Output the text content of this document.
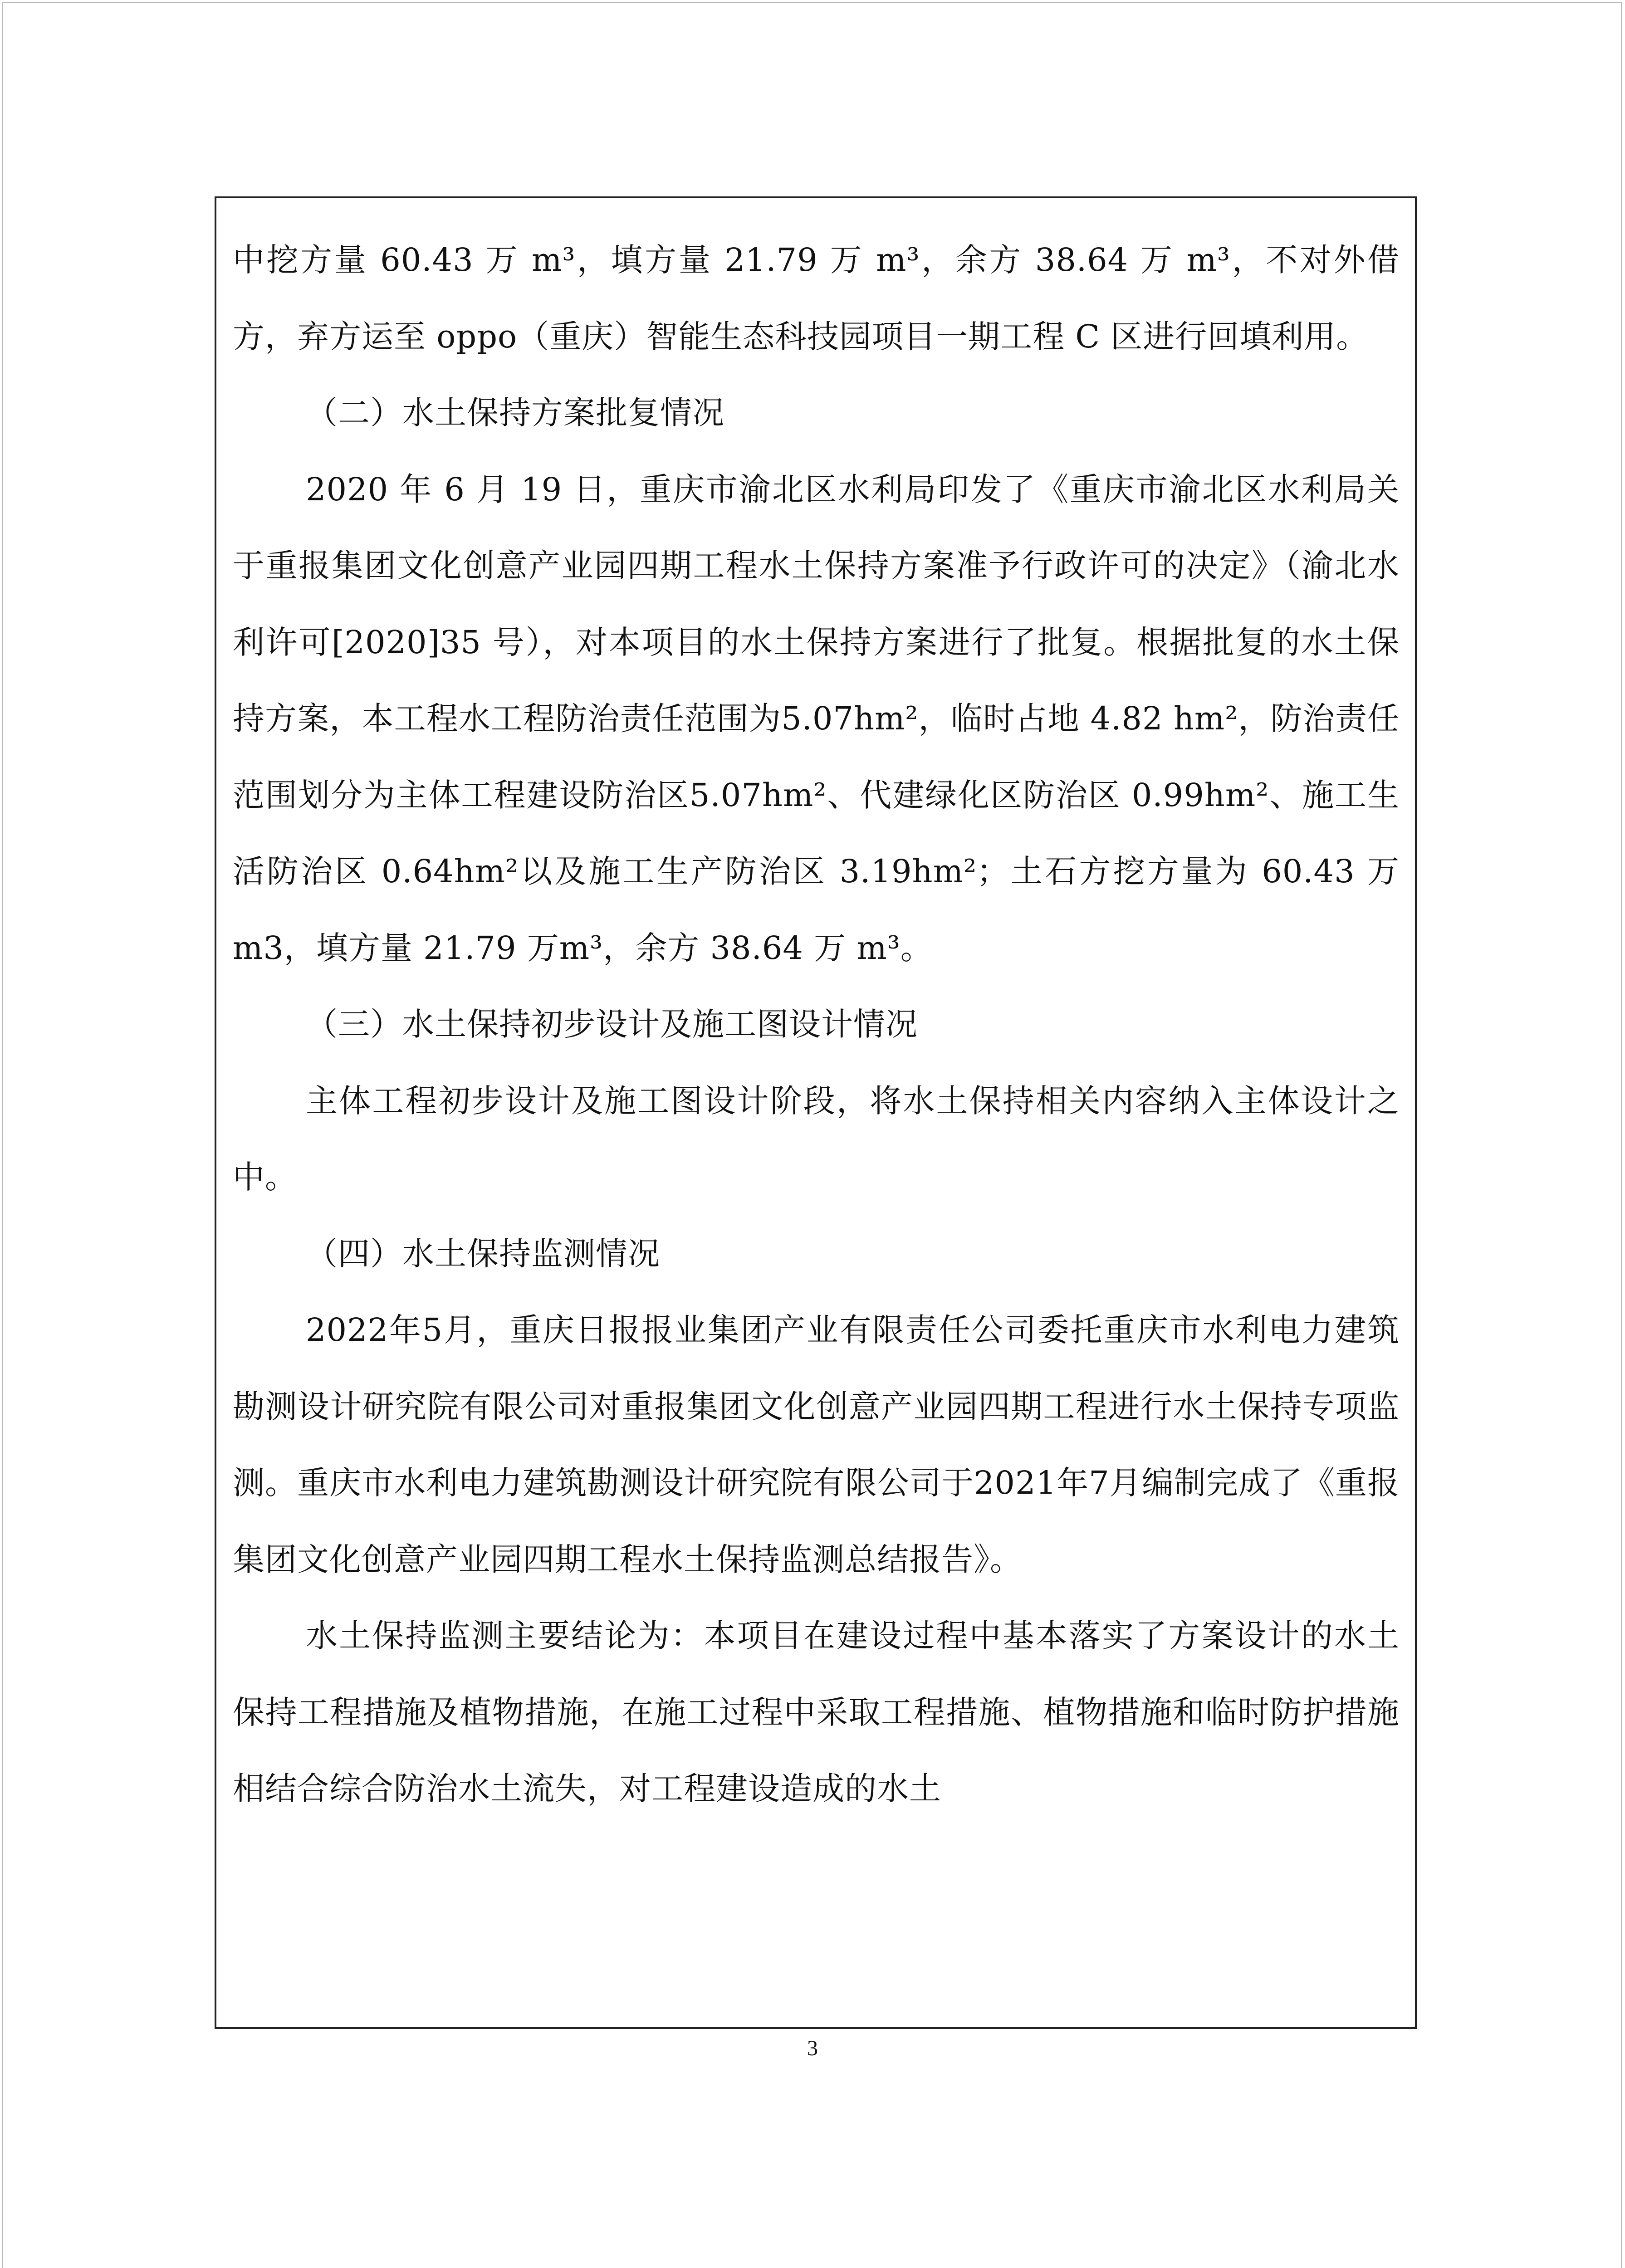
中挖方量 60.43 万 m³，填方量 21.79 万 m³，余方 38.64 万 m³，不对外借方，弃方运至 oppo（重庆）智能生态科技园项目一期工程 C 区进行回填利用。

（二）水土保持方案批复情况

2020 年 6 月 19 日，重庆市渝北区水利局印发了《重庆市渝北区水利局关于重报集团文化创意产业园四期工程水土保持方案准予行政许可的决定》（渝北水利许可[2020]35 号），对本项目的水土保持方案进行了批复。根据批复的水土保持方案，本工程水工程防治责任范围为5.07hm²，临时占地 4.82 hm²，防治责任范围划分为主体工程建设防治区5.07hm²、代建绿化区防治区 0.99hm²、施工生活防治区 0.64hm²以及施工生产防治区 3.19hm²；土石方挖方量为 60.43 万 m3，填方量 21.79 万m³，余方 38.64 万 m³。

（三）水土保持初步设计及施工图设计情况

主体工程初步设计及施工图设计阶段，将水土保持相关内容纳入主体设计之中。

（四）水土保持监测情况

2022年5月，重庆日报报业集团产业有限责任公司委托重庆市水利电力建筑勘测设计研究院有限公司对重报集团文化创意产业园四期工程进行水土保持专项监测。重庆市水利电力建筑勘测设计研究院有限公司于2021年7月编制完成了《重报集团文化创意产业园四期工程水土保持监测总结报告》。

水土保持监测主要结论为：本项目在建设过程中基本落实了方案设计的水土保持工程措施及植物措施，在施工过程中采取工程措施、植物措施和临时防护措施相结合综合防治水土流失，对工程建设造成的水土

3
